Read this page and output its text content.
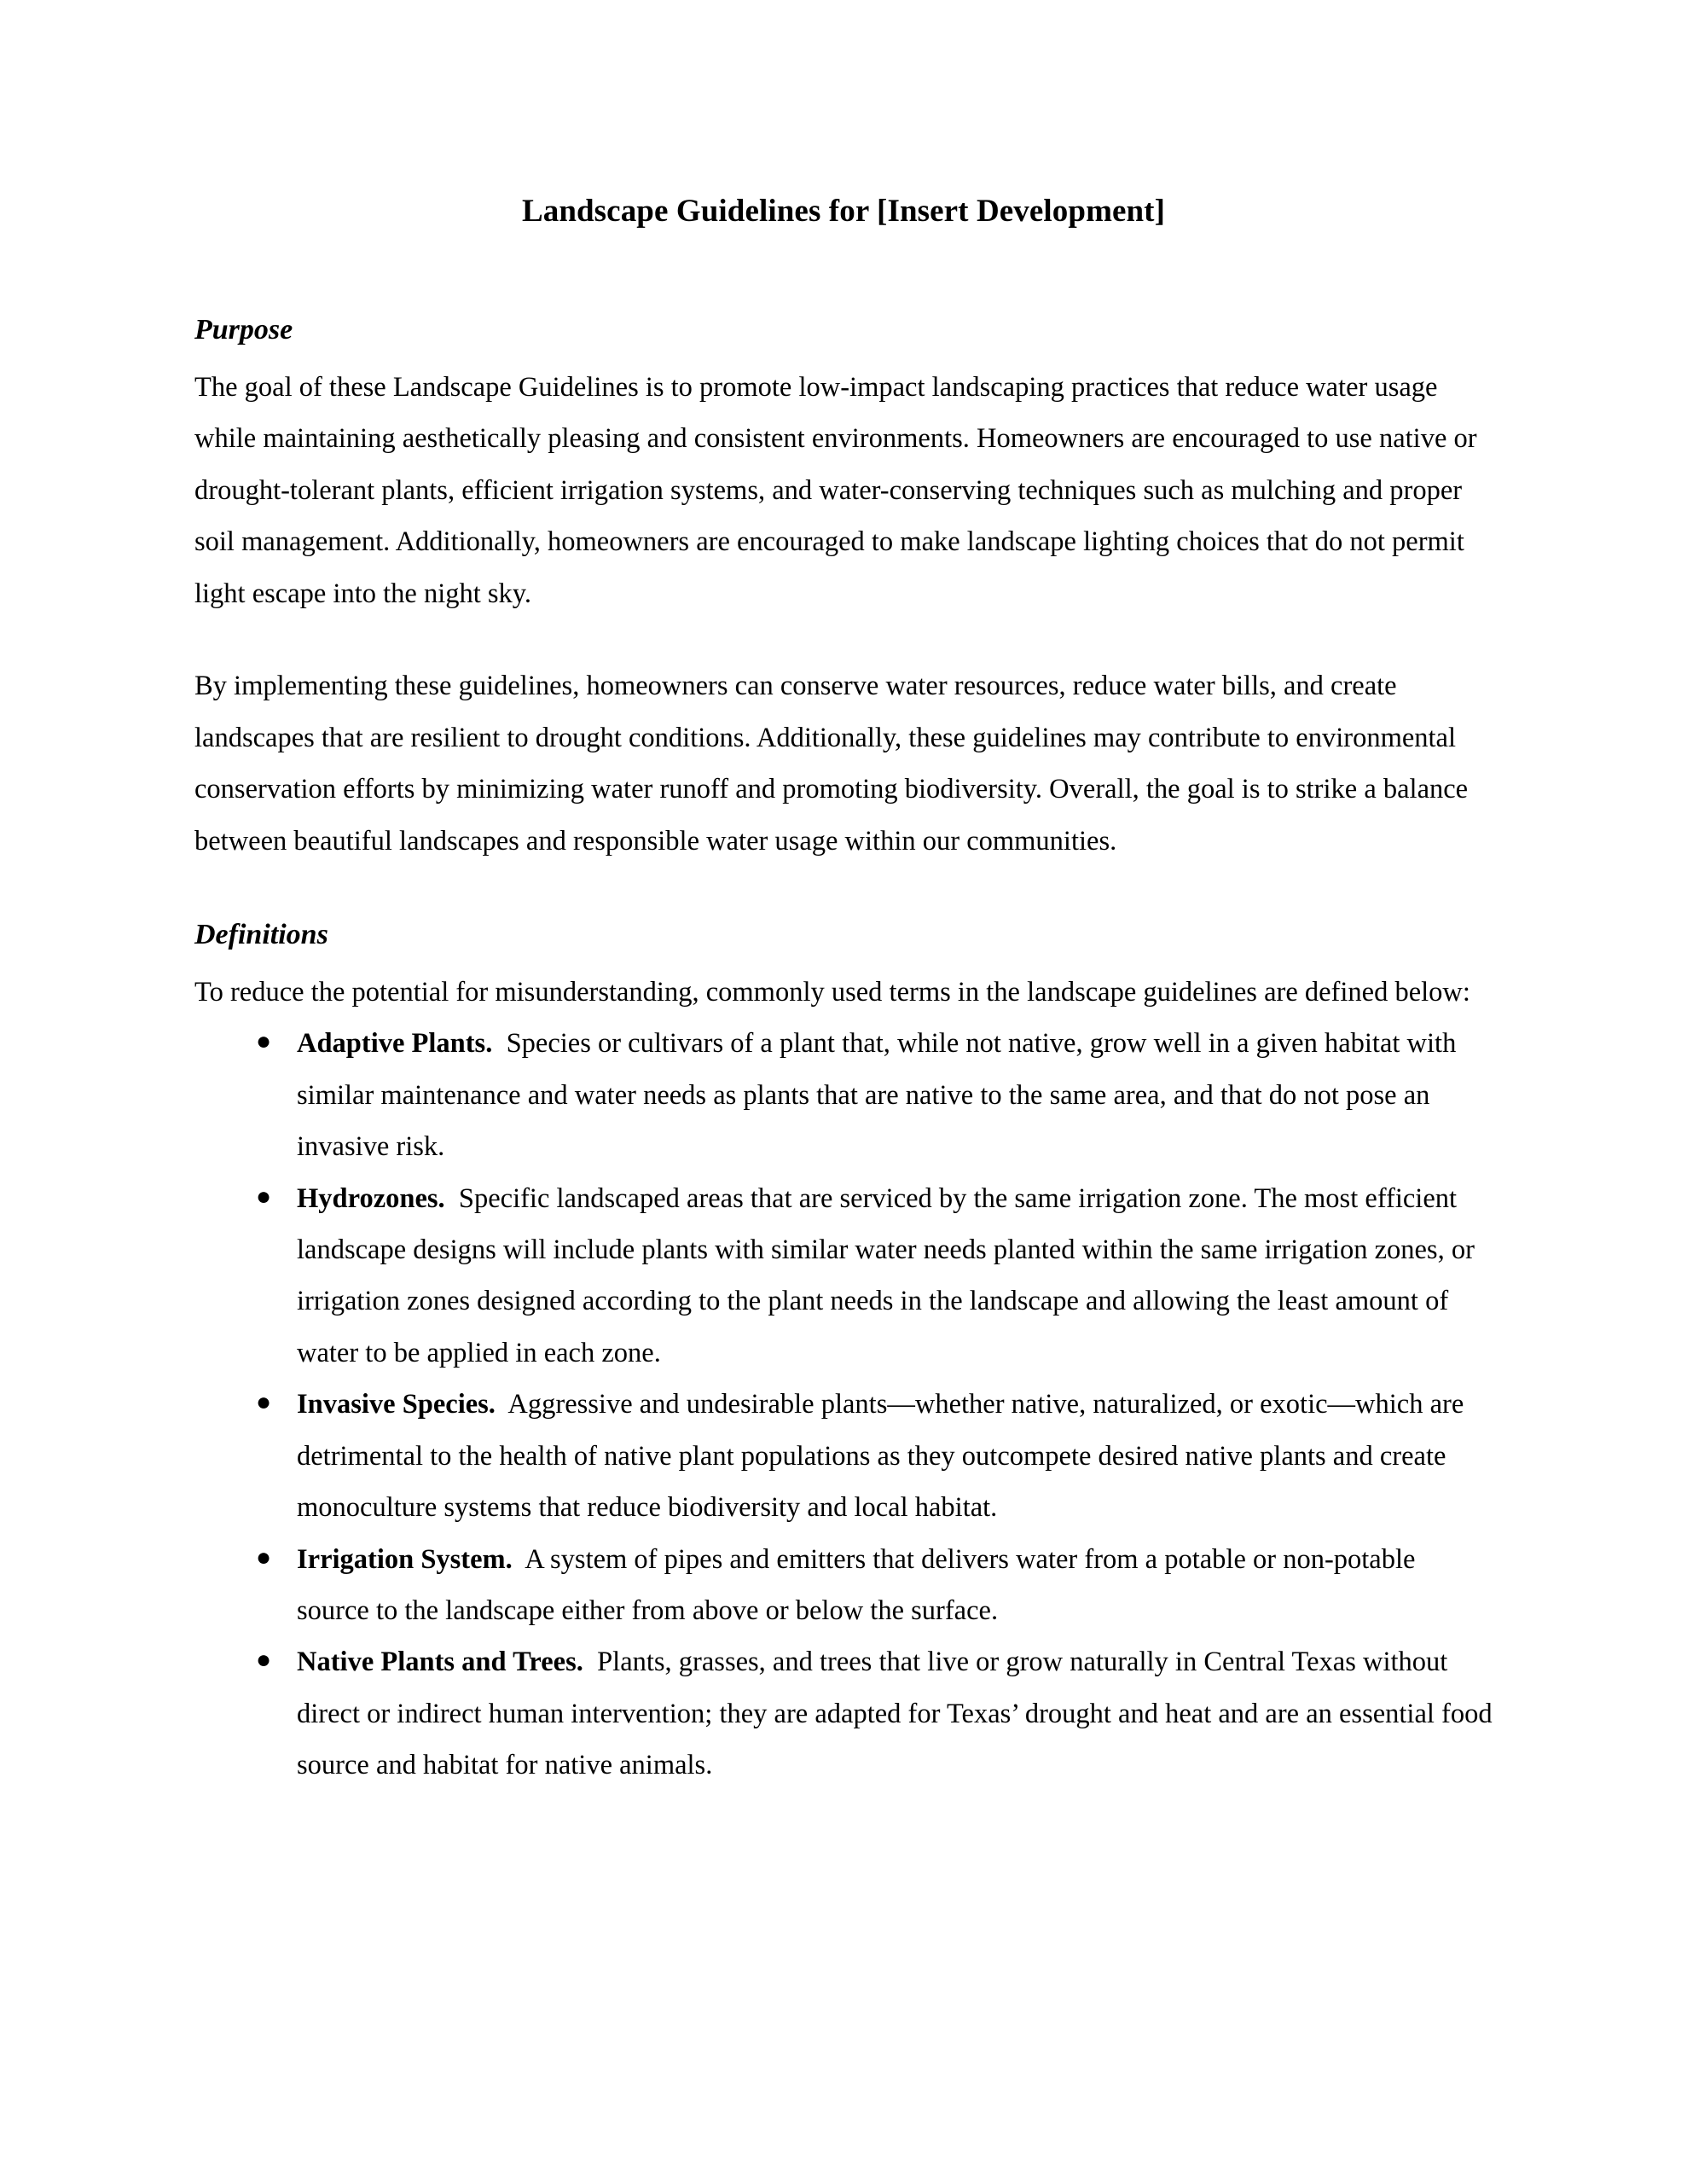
Landscape Guidelines for [Insert Development]
Purpose

The goal of these Landscape Guidelines is to promote low-impact landscaping practices that reduce water usage while maintaining aesthetically pleasing and consistent environments. Homeowners are encouraged to use native or drought-tolerant plants, efficient irrigation systems, and water-conserving techniques such as mulching and proper soil management. Additionally, homeowners are encouraged to make landscape lighting choices that do not permit light escape into the night sky.

By implementing these guidelines, homeowners can conserve water resources, reduce water bills, and create landscapes that are resilient to drought conditions. Additionally, these guidelines may contribute to environmental conservation efforts by minimizing water runoff and promoting biodiversity. Overall, the goal is to strike a balance between beautiful landscapes and responsible water usage within our communities.

Definitions

To reduce the potential for misunderstanding, commonly used terms in the landscape guidelines are defined below:

● Adaptive Plants. Species or cultivars of a plant that, while not native, grow well in a given habitat with similar maintenance and water needs as plants that are native to the same area, and that do not pose an invasive risk.
● Hydrozones. Specific landscaped areas that are serviced by the same irrigation zone. The most efficient landscape designs will include plants with similar water needs planted within the same irrigation zones, or irrigation zones designed according to the plant needs in the landscape and allowing the least amount of water to be applied in each zone.
● Invasive Species. Aggressive and undesirable plants—whether native, naturalized, or exotic—which are detrimental to the health of native plant populations as they outcompete desired native plants and create monoculture systems that reduce biodiversity and local habitat.
● Irrigation System. A system of pipes and emitters that delivers water from a potable or non-potable source to the landscape either from above or below the surface.
● Native Plants and Trees. Plants, grasses, and trees that live or grow naturally in Central Texas without direct or indirect human intervention; they are adapted for Texas’ drought and heat and are an essential food source and habitat for native animals.
